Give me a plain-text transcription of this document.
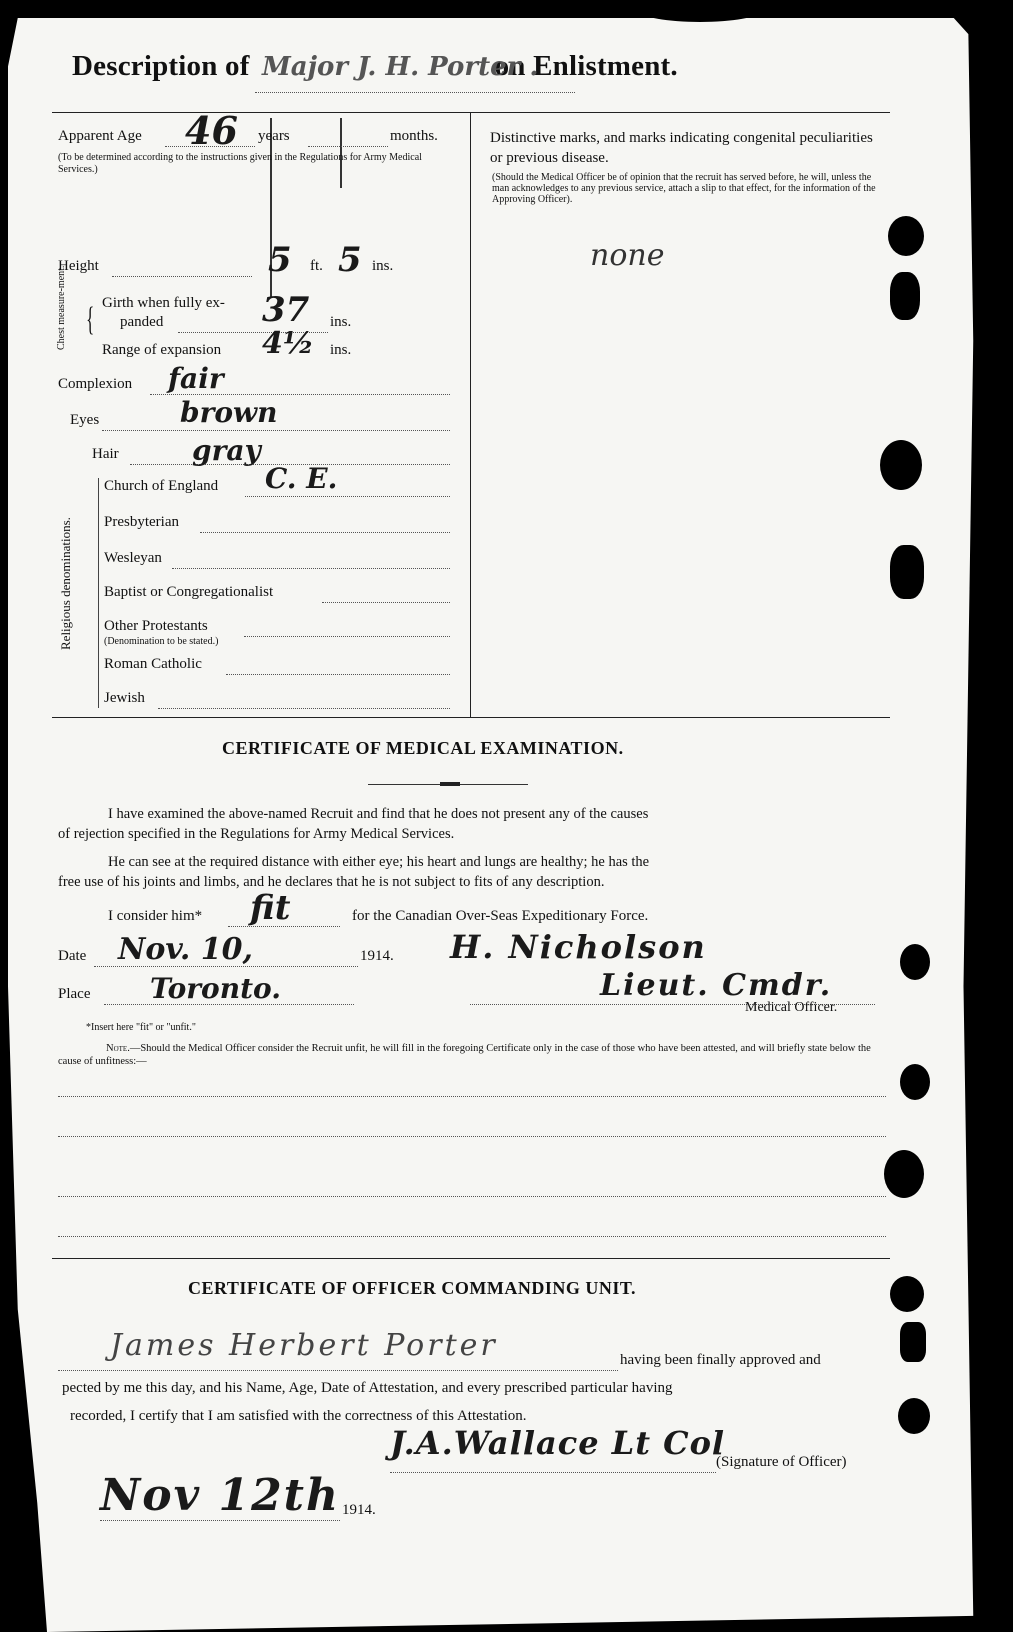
Description of	on Enlistment.
Major J. H. Porter .
Apparent Age 46 years	months.
(To be determined according to the instructions given in the Regulations for Army Medical Services.)
Height	5 ft. 5 ins.
Chest measure-ment. { Girth when fully ex-
panded	37 ins.
Range of expansion 4½ ins.
Complexion fair
Eyes	brown
Hair	gray
Religious denominations.
Church of England C. E.
Presbyterian
Wesleyan
Baptist or Congregationalist
Other Protestants
(Denomination to be stated.)
Roman Catholic
Jewish
Distinctive marks, and marks indicating congenital peculiarities or previous disease.
(Should the Medical Officer be of opinion that the recruit has served before, he will, unless the man acknowledges to any previous service, attach a slip to that effect, for the information of the Approving Officer).
none
CERTIFICATE OF MEDICAL EXAMINATION.
I have examined the above-named Recruit and find that he does not present any of the causes
of rejection specified in the Regulations for Army Medical Services.
He can see at the required distance with either eye; his heart and lungs are healthy; he has the
free use of his joints and limbs, and he declares that he is not subject to fits of any description.
I consider him* fit	for the Canadian Over-Seas Expeditionary Force.
Date Nov. 10,	1914. H. Nicholson
Place Toronto.	Lieut. Cmdr.
Medical Officer.
*Insert here "fit" or "unfit."
Note.—Should the Medical Officer consider the Recruit unfit, he will fill in the foregoing Certificate only in the case of those who have been attested, and will briefly state below the cause of unfitness:—
CERTIFICATE OF OFFICER COMMANDING UNIT.
James Herbert Porter	having been finally approved and
pected by me this day, and his Name, Age, Date of Attestation, and every prescribed particular having
recorded, I certify that I am satisfied with the correctness of this Attestation.
J.A.Wallace Lt Col
(Signature of Officer)
Nov 12th 1914.
